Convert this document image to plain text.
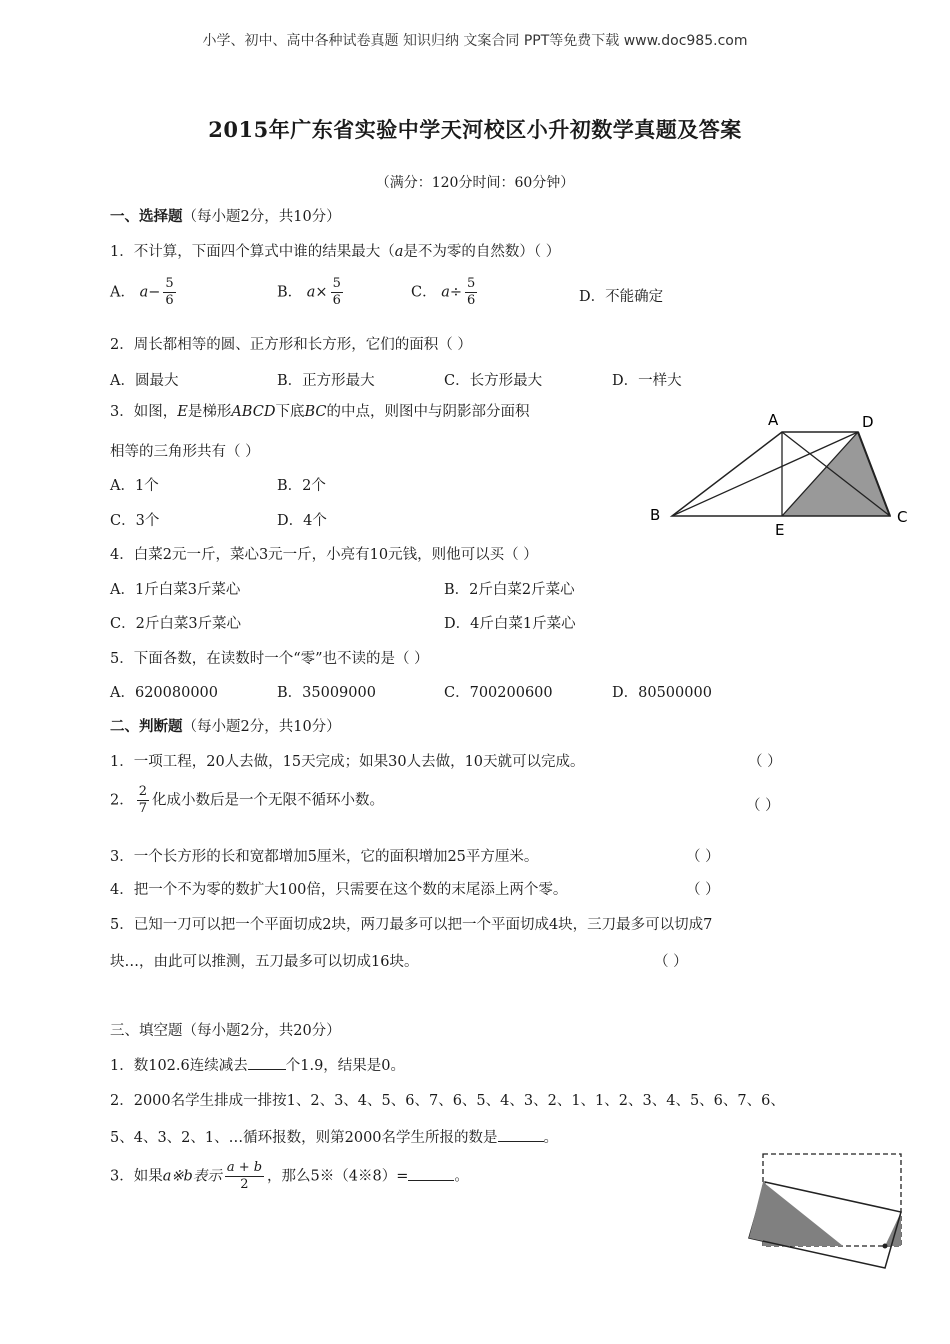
小学、初中、高中各种试卷真题 知识归纳 文案合同 PPT等免费下载 www.doc985.com
2015年广东省实验中学天河校区小升初数学真题及答案
（满分：120分时间：60分钟）
一、选择题（每小题2分，共10分）
1．不计算，下面四个算式中谁的结果最大（a是不为零的自然数）（ ）
A． $a- \frac{5}{6}$	B． $a\times \frac{5}{6}$	C． $a\div \frac{5}{6}$	D．不能确定
2．周长都相等的圆、正方形和长方形，它们的面积（ ）
A．圆最大	B．正方形最大	C．长方形最大	D．一样大
3．如图，E是梯形ABCD下底BC的中点，则图中与阴影部分面积
相等的三角形共有（ ）
A．1个	B．2个
C．3个	D．4个
A	D
B	C
E
4．白菜2元一斤，菜心3元一斤，小亮有10元钱，则他可以买（ ）
A．1斤白菜3斤菜心	B．2斤白菜2斤菜心
C．2斤白菜3斤菜心	D．4斤白菜1斤菜心
5．下面各数，在读数时一个“零”也不读的是（ ）
A．620080000	B．35009000	C．700200600	D．80500000
二、判断题（每小题2分，共10分）
1．一项工程，20人去做，15天完成；如果30人去做，10天就可以完成。	（ ）
2． $\frac{2}{7}$ 化成小数后是一个无限不循环小数。	（ ）
3．一个长方形的长和宽都增加5厘米，它的面积增加25平方厘米。	（ ）
4．把一个不为零的数扩大100倍，只需要在这个数的末尾添上两个零。	（ ）
5．已知一刀可以把一个平面切成2块，两刀最多可以把一个平面切成4块，三刀最多可以切成7
块…，由此可以推测，五刀最多可以切成16块。	（ ）
三、填空题（每小题2分，共20分）
1．数102.6连续减去	个1.9，结果是0。
2．2000名学生排成一排按1、2、3、4、5、6、7、6、5、4、3、2、1、1、2、3、4、5、6、7、6、
5、4、3、2、1、…循环报数，则第2000名学生所报的数是	。
3．如果a※b表示 $\frac{a + b}{2}$ ，那么5※（4※8）=	。
